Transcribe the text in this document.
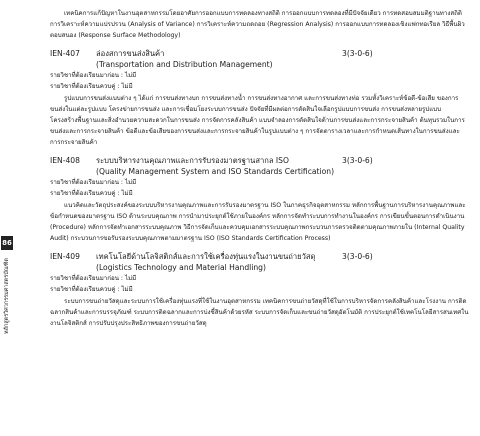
86
หลักสูตรวิศวกรรมศาสตรบัณฑิต

เทคนิคการแก้ปัญหาในงานอุตสาหกรรมโดยอาศัยการออกแบบการทดลองทางสถิติ การออกแบบการทดลองที่มีปัจจัยเดียว การทดสอบสมมติฐานทางสถิติ การวิเคราะห์ความแปรปรวน (Analysis of Variance) การวิเคราะห์ความถดถอย (Regression Analysis) การออกแบบการทดลองเชิงแฟกทอเรียล วิธีพื้นผิวตอบสนอง (Response Surface Methodology)

IEN-407 ล่องสการขนส่งสินค้า	3(3-0-6)
(Transportation and Distribution Management)
รายวิชาที่ต้องเรียนมาก่อน : ไม่มี
รายวิชาที่ต้องเรียนควบคู่ : ไม่มี

รูปแบบการขนส่งแบบต่าง ๆ ได้แก่ การขนส่งทางบก การขนส่งทางน้ำ การขนส่งทางอากาศ และการขนส่งทางท่อ รวมทั้งวิเคราะห์ข้อดี-ข้อเสีย ของการขนส่งในแต่ละรูปแบบ โครงข่ายการขนส่ง และการเชื่อมโยงระบบการขนส่ง ปัจจัยที่มีผลต่อการตัดสินใจเลือกรูปแบบการขนส่ง การขนส่งหลายรูปแบบ โครงสร้างพื้นฐานและสิ่งอำนวยความสะดวกในการขนส่ง การจัดการคลังสินค้า แบบจำลองการตัดสินใจด้านการขนส่งและการกระจายสินค้า ต้นทุนรวมในการขนส่งและการกระจายสินค้า ข้อดีและข้อเสียของการขนส่งและการกระจายสินค้าในรูปแบบต่าง ๆ การจัดตารางเวลาและการกำหนดเส้นทางในการขนส่งและการกระจายสินค้า

IEN-408 ระบบบริหารงานคุณภาพและการรับรองมาตรฐานสากล ISO	3(3-0-6)
(Quality Management System and ISO Standards Certification)
รายวิชาที่ต้องเรียนมาก่อน : ไม่มี
รายวิชาที่ต้องเรียนควบคู่ : ไม่มี

แนวคิดและวัตถุประสงค์ของระบบบริหารงานคุณภาพและการรับรองมาตรฐาน ISO ในภาคธุรกิจอุตสาหกรรม หลักการพื้นฐานการบริหารงานคุณภาพและข้อกำหนดของมาตรฐาน ISO ด้านระบบคุณภาพ การนำมาประยุกต์ใช้ภายในองค์กร หลักการจัดทำระบบการทำงานในองค์กร การเขียนขั้นตอนการดำเนินงาน (Procedure) หลักการจัดทำเอกสารระบบคุณภาพ วิธีการจัดเก็บและควบคุมเอกสารระบบคุณภาพกระบวนการตรวจติดตามคุณภาพภายใน (Internal Quality Audit) กระบวนการขอรับรองระบบคุณภาพตามมาตรฐาน ISO (ISO Standards Certification Process)

IEN-409 เทคโนโลยีด้านโลจิสติกส์และการใช้เครื่องทุ่นแรงในงานขนถ่ายวัสดุ	3(3-0-6)
(Logistics Technology and Material Handling)
รายวิชาที่ต้องเรียนมาก่อน : ไม่มี
รายวิชาที่ต้องเรียนควบคู่ : ไม่มี

ระบบการขนถ่ายวัสดุและระบบการใช้เครื่องทุ่นแรงที่ใช้ในงานอุตสาหกรรม เทคนิคการขนถ่ายวัสดุที่ใช้ในการบริหารจัดการคลังสินค้าและโรงงาน การติดฉลากสินค้าและการบรรจุภัณฑ์ ระบบการติดฉลากและการบ่งชี้สินค้าด้วยรหัส ระบบการจัดเก็บและขนถ่ายวัสดุอัตโนมัติ การประยุกต์ใช้เทคโนโลยีสารสนเทศในงานโลจิสติกส์ การปรับปรุงประสิทธิภาพของการขนถ่ายวัสดุ
